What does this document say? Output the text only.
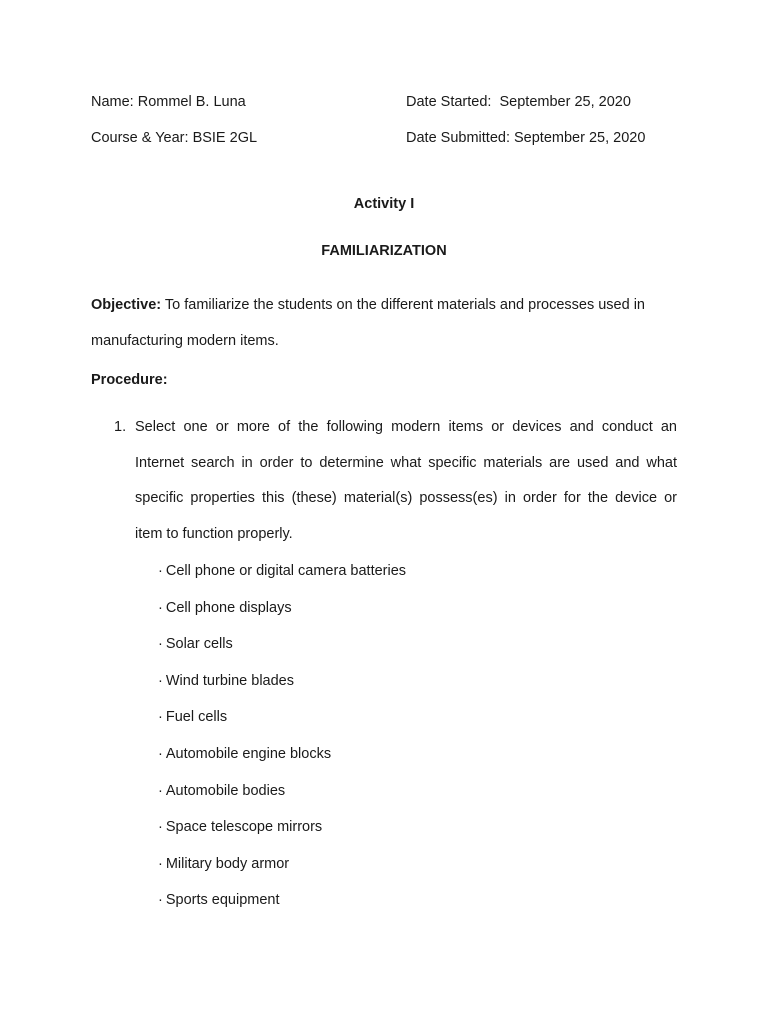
Name: Rommel B. Luna	Date Started:  September 25, 2020
Course & Year: BSIE 2GL	Date Submitted: September 25, 2020
Activity I
FAMILIARIZATION

Objective: To familiarize the students on the different materials and processes used in manufacturing modern items.

Procedure:
1. Select one or more of the following modern items or devices and conduct an
Internet search in order to determine what specific materials are used and what
specific properties this (these) material(s) possess(es) in order for the device or
item to function properly.

· Cell phone or digital camera batteries
· Cell phone displays
· Solar cells
· Wind turbine blades
· Fuel cells
· Automobile engine blocks
· Automobile bodies
· Space telescope mirrors
· Military body armor
· Sports equipment
